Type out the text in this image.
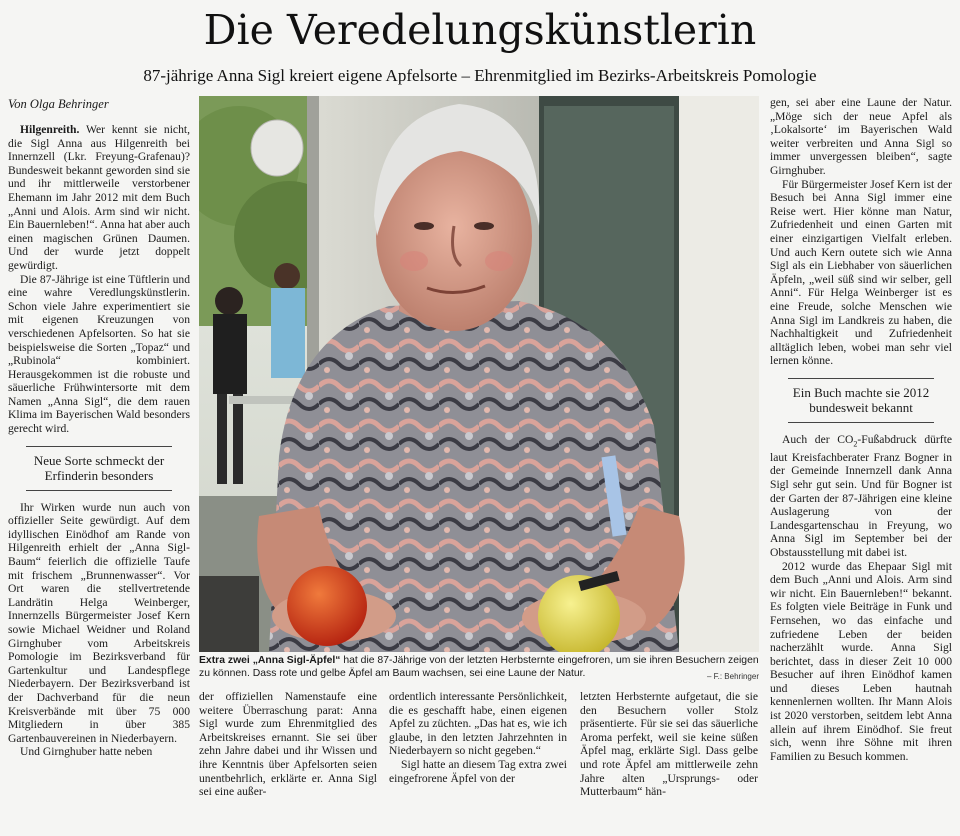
Die Veredelungskünstlerin
87-jährige Anna Sigl kreiert eigene Apfelsorte – Ehrenmitglied im Bezirks-Arbeitskreis Pomologie
Von Olga Behringer

Hilgenreith. Wer kennt sie nicht, die Sigl Anna aus Hilgenreith bei Innernzell (Lkr. Freyung-Grafenau)? Bundesweit bekannt geworden sind sie und ihr mittlerweile verstorbener Ehemann im Jahr 2012 mit dem Buch „Anni und Alois. Arm sind wir nicht. Ein Bauernleben!“. Anna hat aber auch einen magischen Grünen Daumen. Und der wurde jetzt doppelt gewürdigt.

Die 87-Jährige ist eine Tüftlerin und eine wahre Veredlungskünstlerin. Schon viele Jahre experimentiert sie mit eigenen Kreuzungen von verschiedenen Apfelsorten. So hat sie beispielsweise die Sorten „Topaz“ und „Rubinola“ kombiniert. Herausgekommen ist die robuste und säuerliche Frühwintersorte mit dem Namen „Anna Sigl“, die dem rauen Klima im Bayerischen Wald besonders gerecht wird.

Neue Sorte schmeckt der Erfinderin besonders

Ihr Wirken wurde nun auch von offizieller Seite gewürdigt. Auf dem idyllischen Einödhof am Rande von Hilgenreith erhielt der „Anna Sigl-Baum“ feierlich die offizielle Taufe mit frischem „Brunnenwasser“. Vor Ort waren die stellvertretende Landrätin Helga Weinberger, Innernzells Bürgermeister Josef Kern sowie Michael Weidner und Roland Girnghuber vom Arbeitskreis Pomologie im Bezirksverband für Gartenkultur und Landespflege Niederbayern. Der Bezirksverband ist der Dachverband für die neun Kreisverbände mit über 75 000 Mitgliedern in über 385 Gartenbauvereinen in Niederbayern.

Und Girnghuber hatte neben

Extra zwei „Anna Sigl-Äpfel“ hat die 87-Jährige von der letzten Herbsternte eingefroren, um sie ihren Besuchern zeigen zu können. Dass rote und gelbe Äpfel am Baum wachsen, sei eine Laune der Natur.	– F.: Behringer

der offiziellen Namenstaufe eine weitere Überraschung parat: Anna Sigl wurde zum Ehrenmitglied des Arbeitskreises ernannt. Sie sei über zehn Jahre dabei und ihr Wissen und ihre Kenntnis über Apfelsorten seien unentbehrlich, erklärte er. Anna Sigl sei eine außer-

ordentlich interessante Persönlichkeit, die es geschafft habe, einen eigenen Apfel zu züchten. „Das hat es, wie ich glaube, in den letzten Jahrzehnten in Niederbayern so nicht gegeben.“

Sigl hatte an diesem Tag extra zwei eingefrorene Äpfel von der

letzten Herbsternte aufgetaut, die sie den Besuchern voller Stolz präsentierte. Für sie sei das säuerliche Aroma perfekt, weil sie keine süßen Äpfel mag, erklärte Sigl. Dass gelbe und rote Äpfel am mittlerweile zehn Jahre alten „Ursprungs- oder Mutterbaum“ hän-

gen, sei aber eine Laune der Natur. „Möge sich der neue Apfel als ‚Lokalsorte‘ im Bayerischen Wald weiter verbreiten und Anna Sigl so immer unvergessen bleiben“, sagte Girnghuber.

Für Bürgermeister Josef Kern ist der Besuch bei Anna Sigl immer eine Reise wert. Hier könne man Natur, Zufriedenheit und einen Garten mit einer einzigartigen Vielfalt erleben. Und auch Kern outete sich wie Anna Sigl als ein Liebhaber von säuerlichen Äpfeln, „weil süß sind wir selber, gell Anni“. Für Helga Weinberger ist es eine Freude, solche Menschen wie Anna Sigl im Landkreis zu haben, die Nachhaltigkeit und Zufriedenheit alltäglich leben, wobei man sehr viel lernen könne.

Ein Buch machte sie 2012 bundesweit bekannt

Auch der $CO_2$-Fußabdruck dürfte laut Kreisfachberater Franz Bogner in der Gemeinde Innernzell dank Anna Sigl sehr gut sein. Und für Bogner ist der Garten der 87-Jährigen eine kleine Auslagerung von der Landesgartenschau in Freyung, wo Anna Sigl im September bei der Obstausstellung mit dabei ist.

2012 wurde das Ehepaar Sigl mit dem Buch „Anni und Alois. Arm sind wir nicht. Ein Bauernleben!“ bekannt. Es folgten viele Beiträge in Funk und Fernsehen, wo das einfache und zufriedene Leben der beiden nacherzählt wurde. Anna Sigl berichtet, dass in dieser Zeit 10 000 Besucher auf ihren Einödhof kamen und dieses Leben hautnah kennenlernen wollten. Ihr Mann Alois ist 2020 verstorben, seitdem lebt Anna allein auf ihrem Einödhof. Sie freut sich, wenn ihre Söhne mit ihren Familien zu Besuch kommen.
